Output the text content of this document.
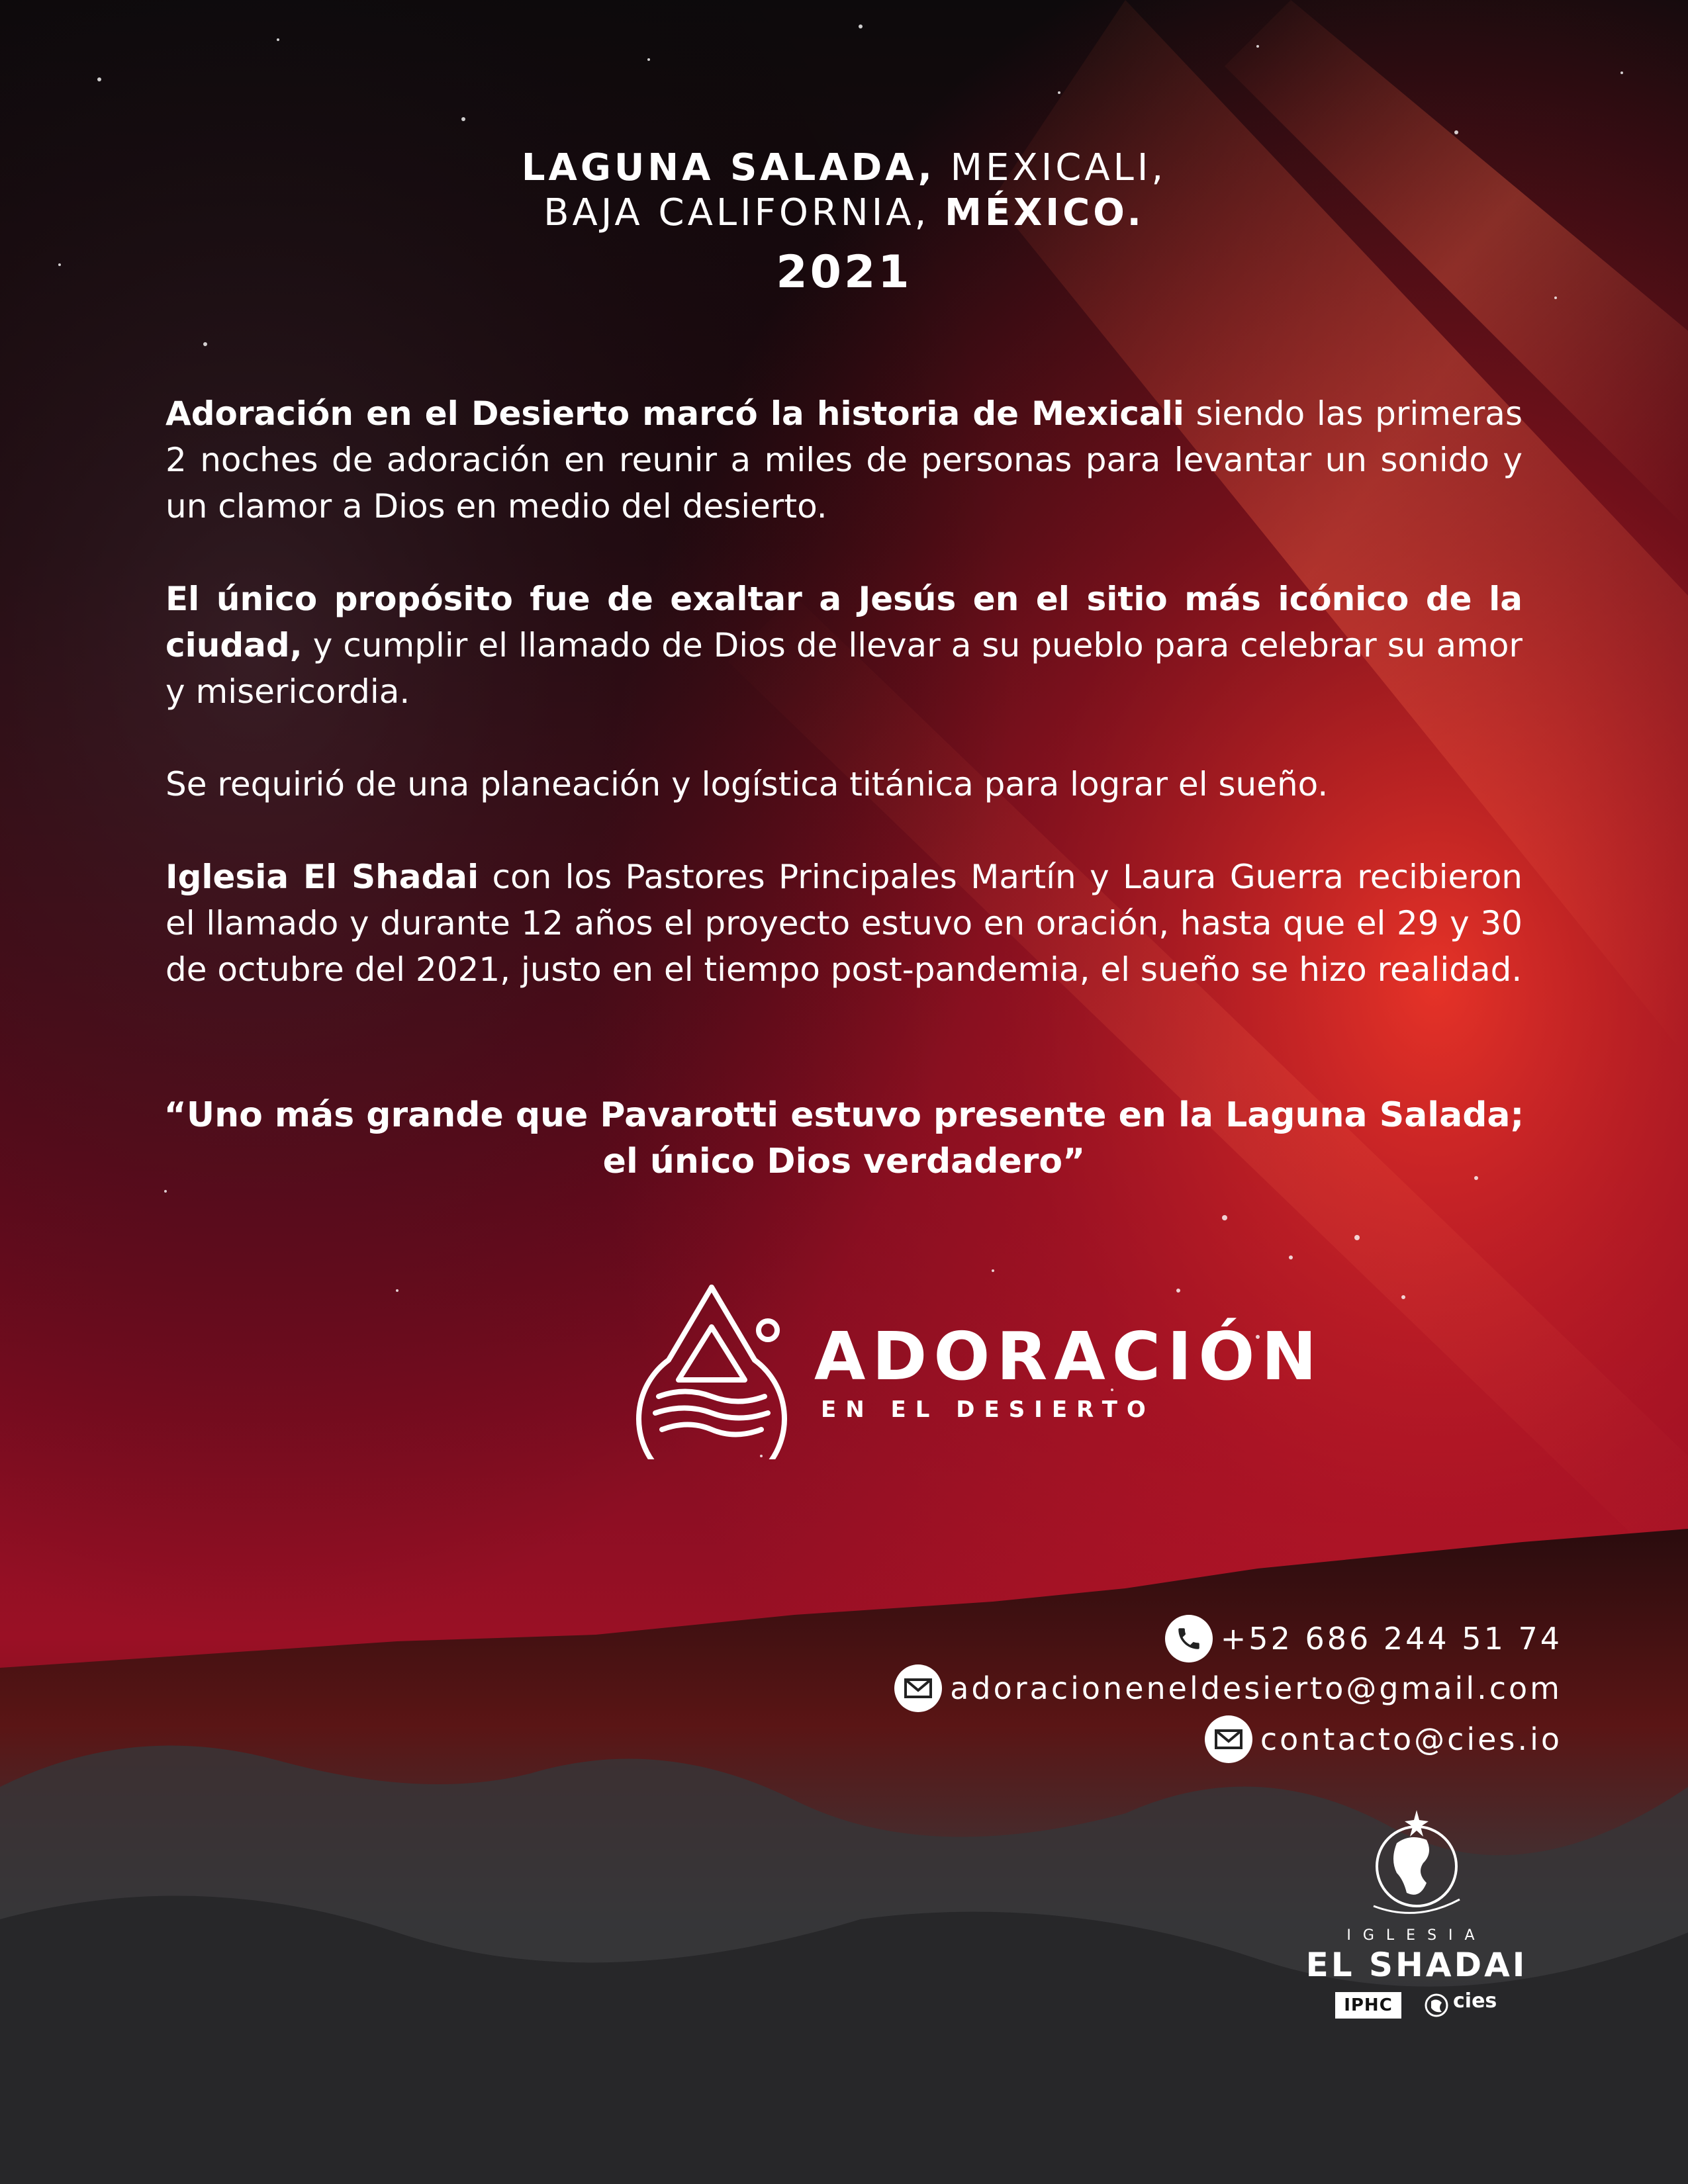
LAGUNA SALADA, MEXICALI,
BAJA CALIFORNIA, MÉXICO.
2021

Adoración en el Desierto marcó la historia de Mexicali siendo las primeras 2 noches de adoración en reunir a miles de personas para levantar un sonido y un clamor a Dios en medio del desierto.

El único propósito fue de exaltar a Jesús en el sitio más icónico de la ciudad, y cumplir el llamado de Dios de llevar a su pueblo para celebrar su amor y misericordia.

Se requirió de una planeación y logística titánica para lograr el sueño.

Iglesia El Shadai con los Pastores Principales Martín y Laura Guerra recibieron el llamado y durante 12 años el proyecto estuvo en oración, hasta que el 29 y 30 de octubre del 2021, justo en el tiempo post-pandemia, el sueño se hizo realidad.

“Uno más grande que Pavarotti estuvo presente en la Laguna Salada;
el único Dios verdadero”
ADORACIÓN
EN EL DESIERTO
+52 686 244 51 74
adoracioneneldesierto@gmail.com
contacto@cies.io
IGLESIA
EL SHADAI
IPHC	cies
